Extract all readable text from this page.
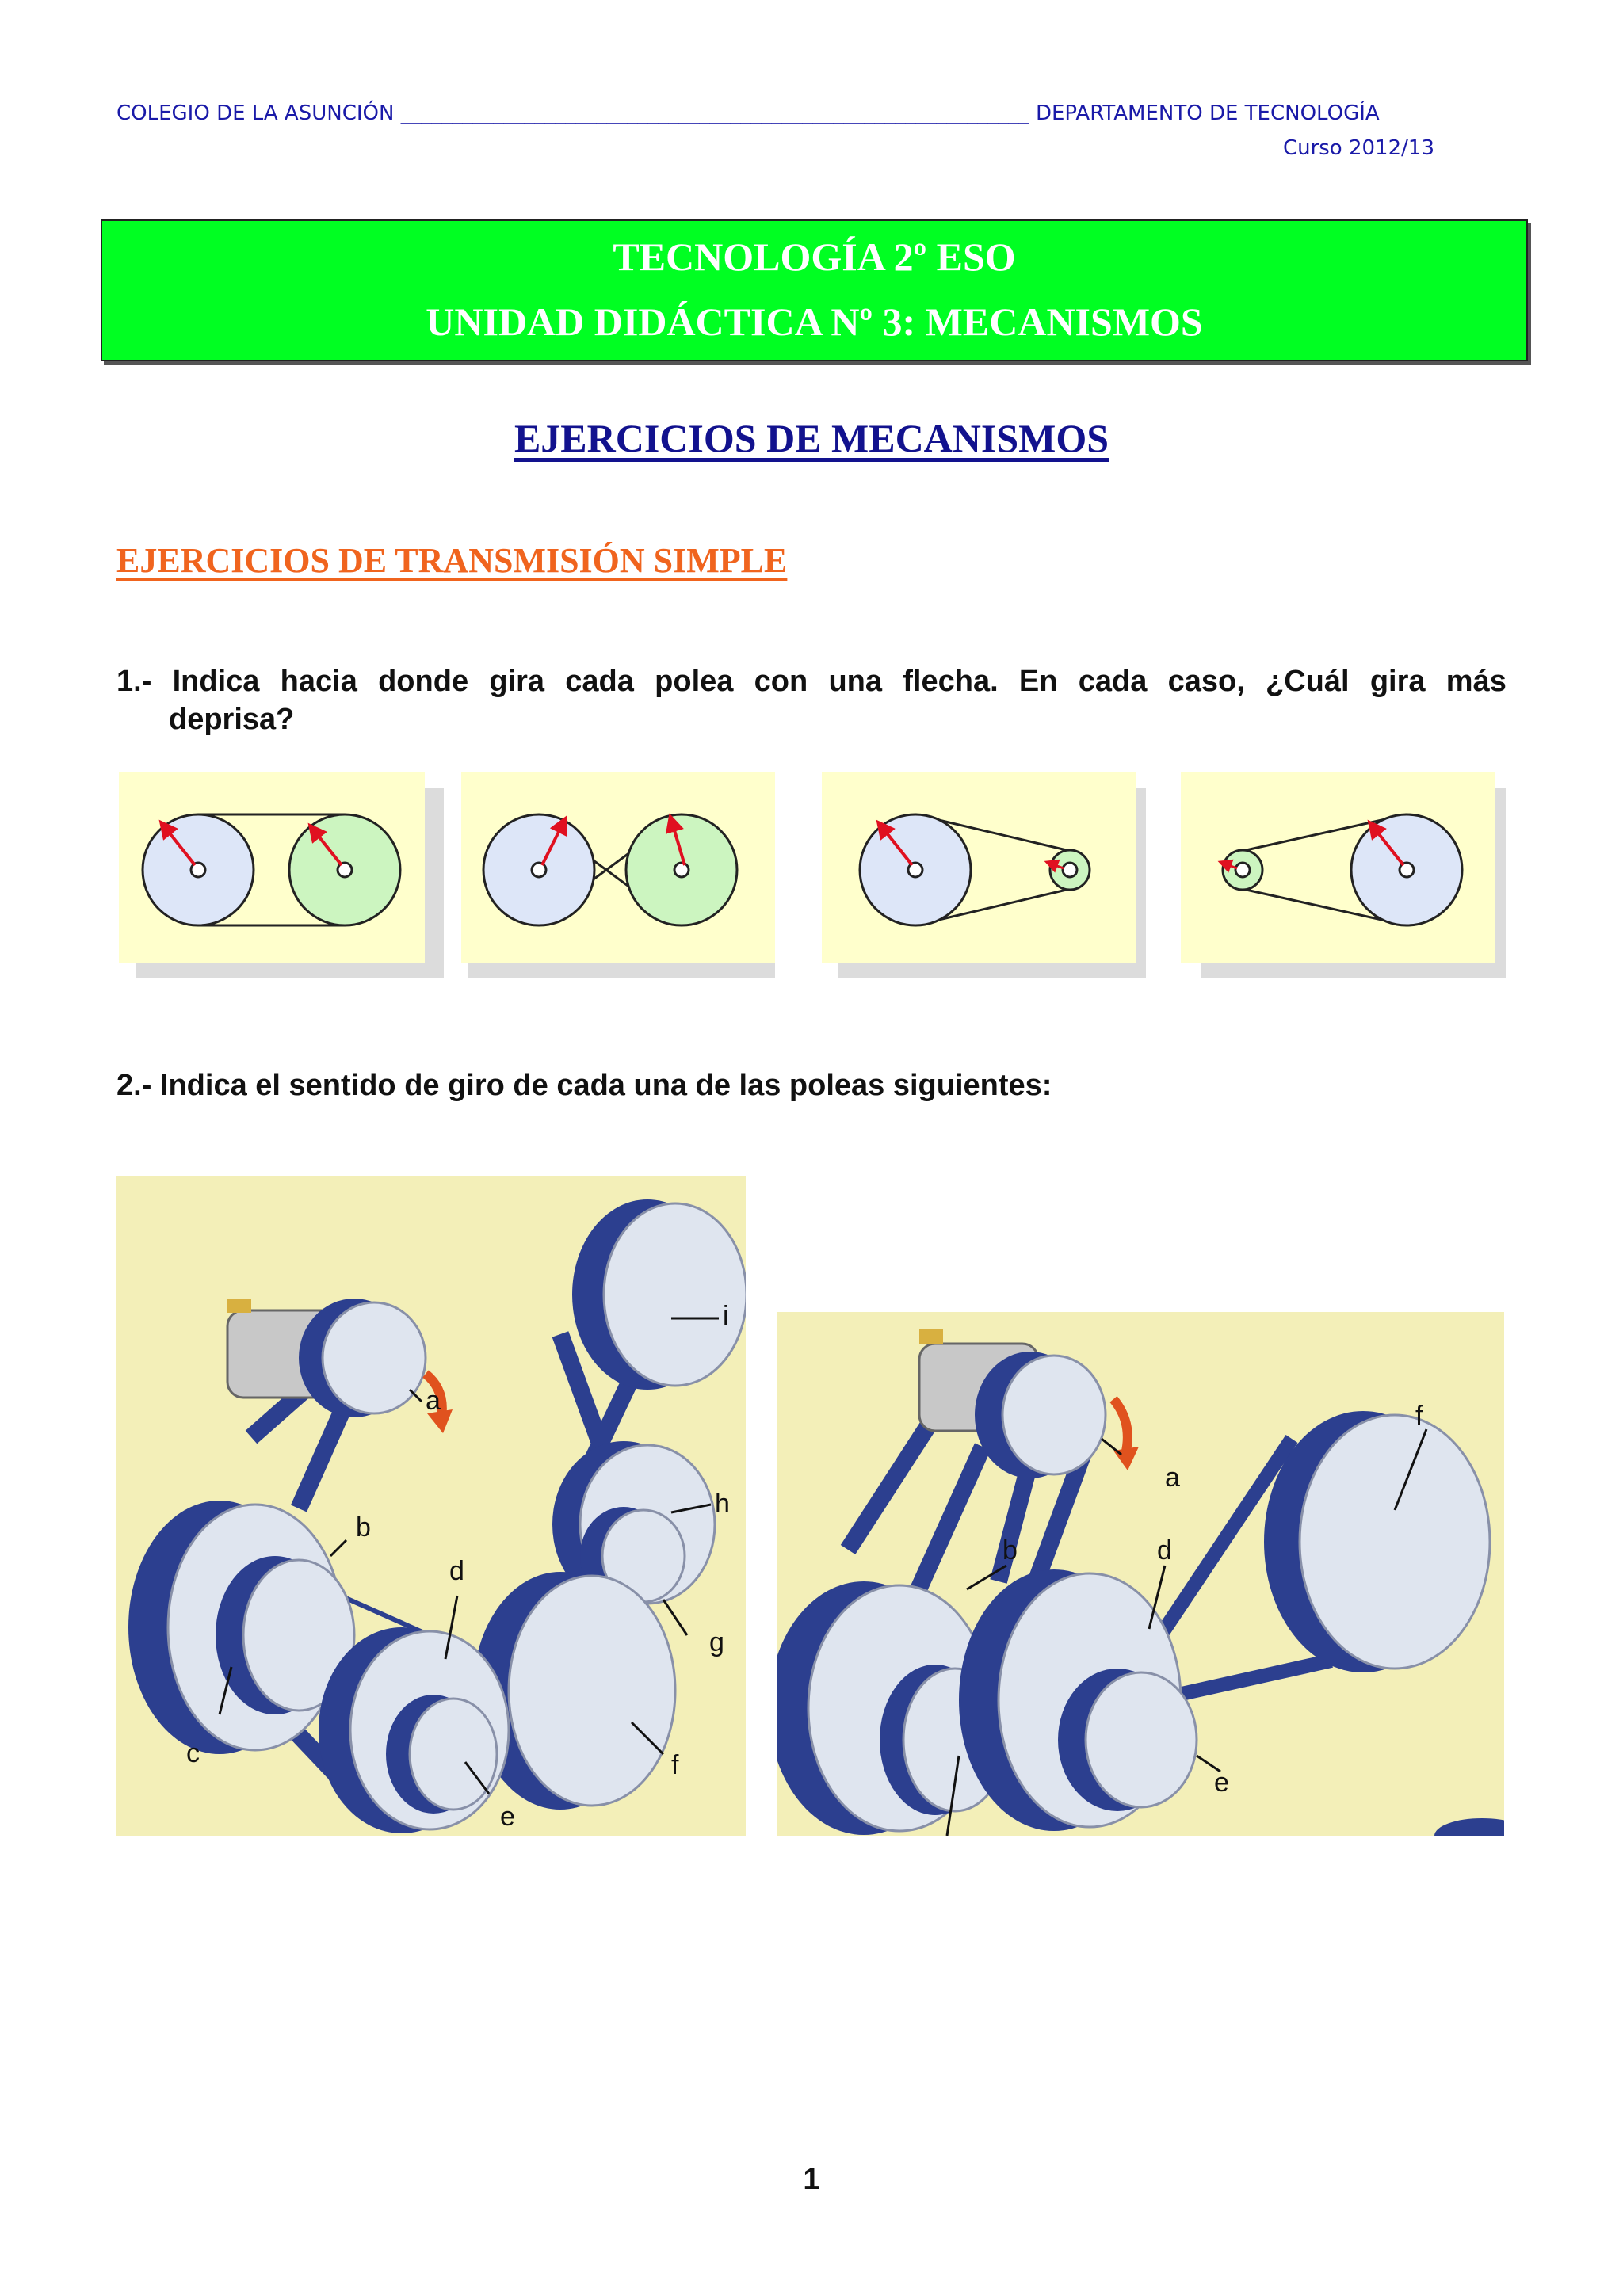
COLEGIO DE LA ASUNCIÓN _____________________________________________________________ DEPARTAMENTO DE TECNOLOGÍA
Curso 2012/13
TECNOLOGÍA 2º ESO
UNIDAD DIDÁCTICA Nº 3: MECANISMOS
EJERCICIOS DE MECANISMOS
EJERCICIOS DE TRANSMISIÓN SIMPLE
1.- Indica hacia donde gira cada polea con una flecha. En cada caso, ¿Cuál gira más
deprisa?
2.- Indica el sentido de giro de cada una de las poleas siguientes:
a
i
h
g
b
d
c
e
f
a
f
b	d
e
1
